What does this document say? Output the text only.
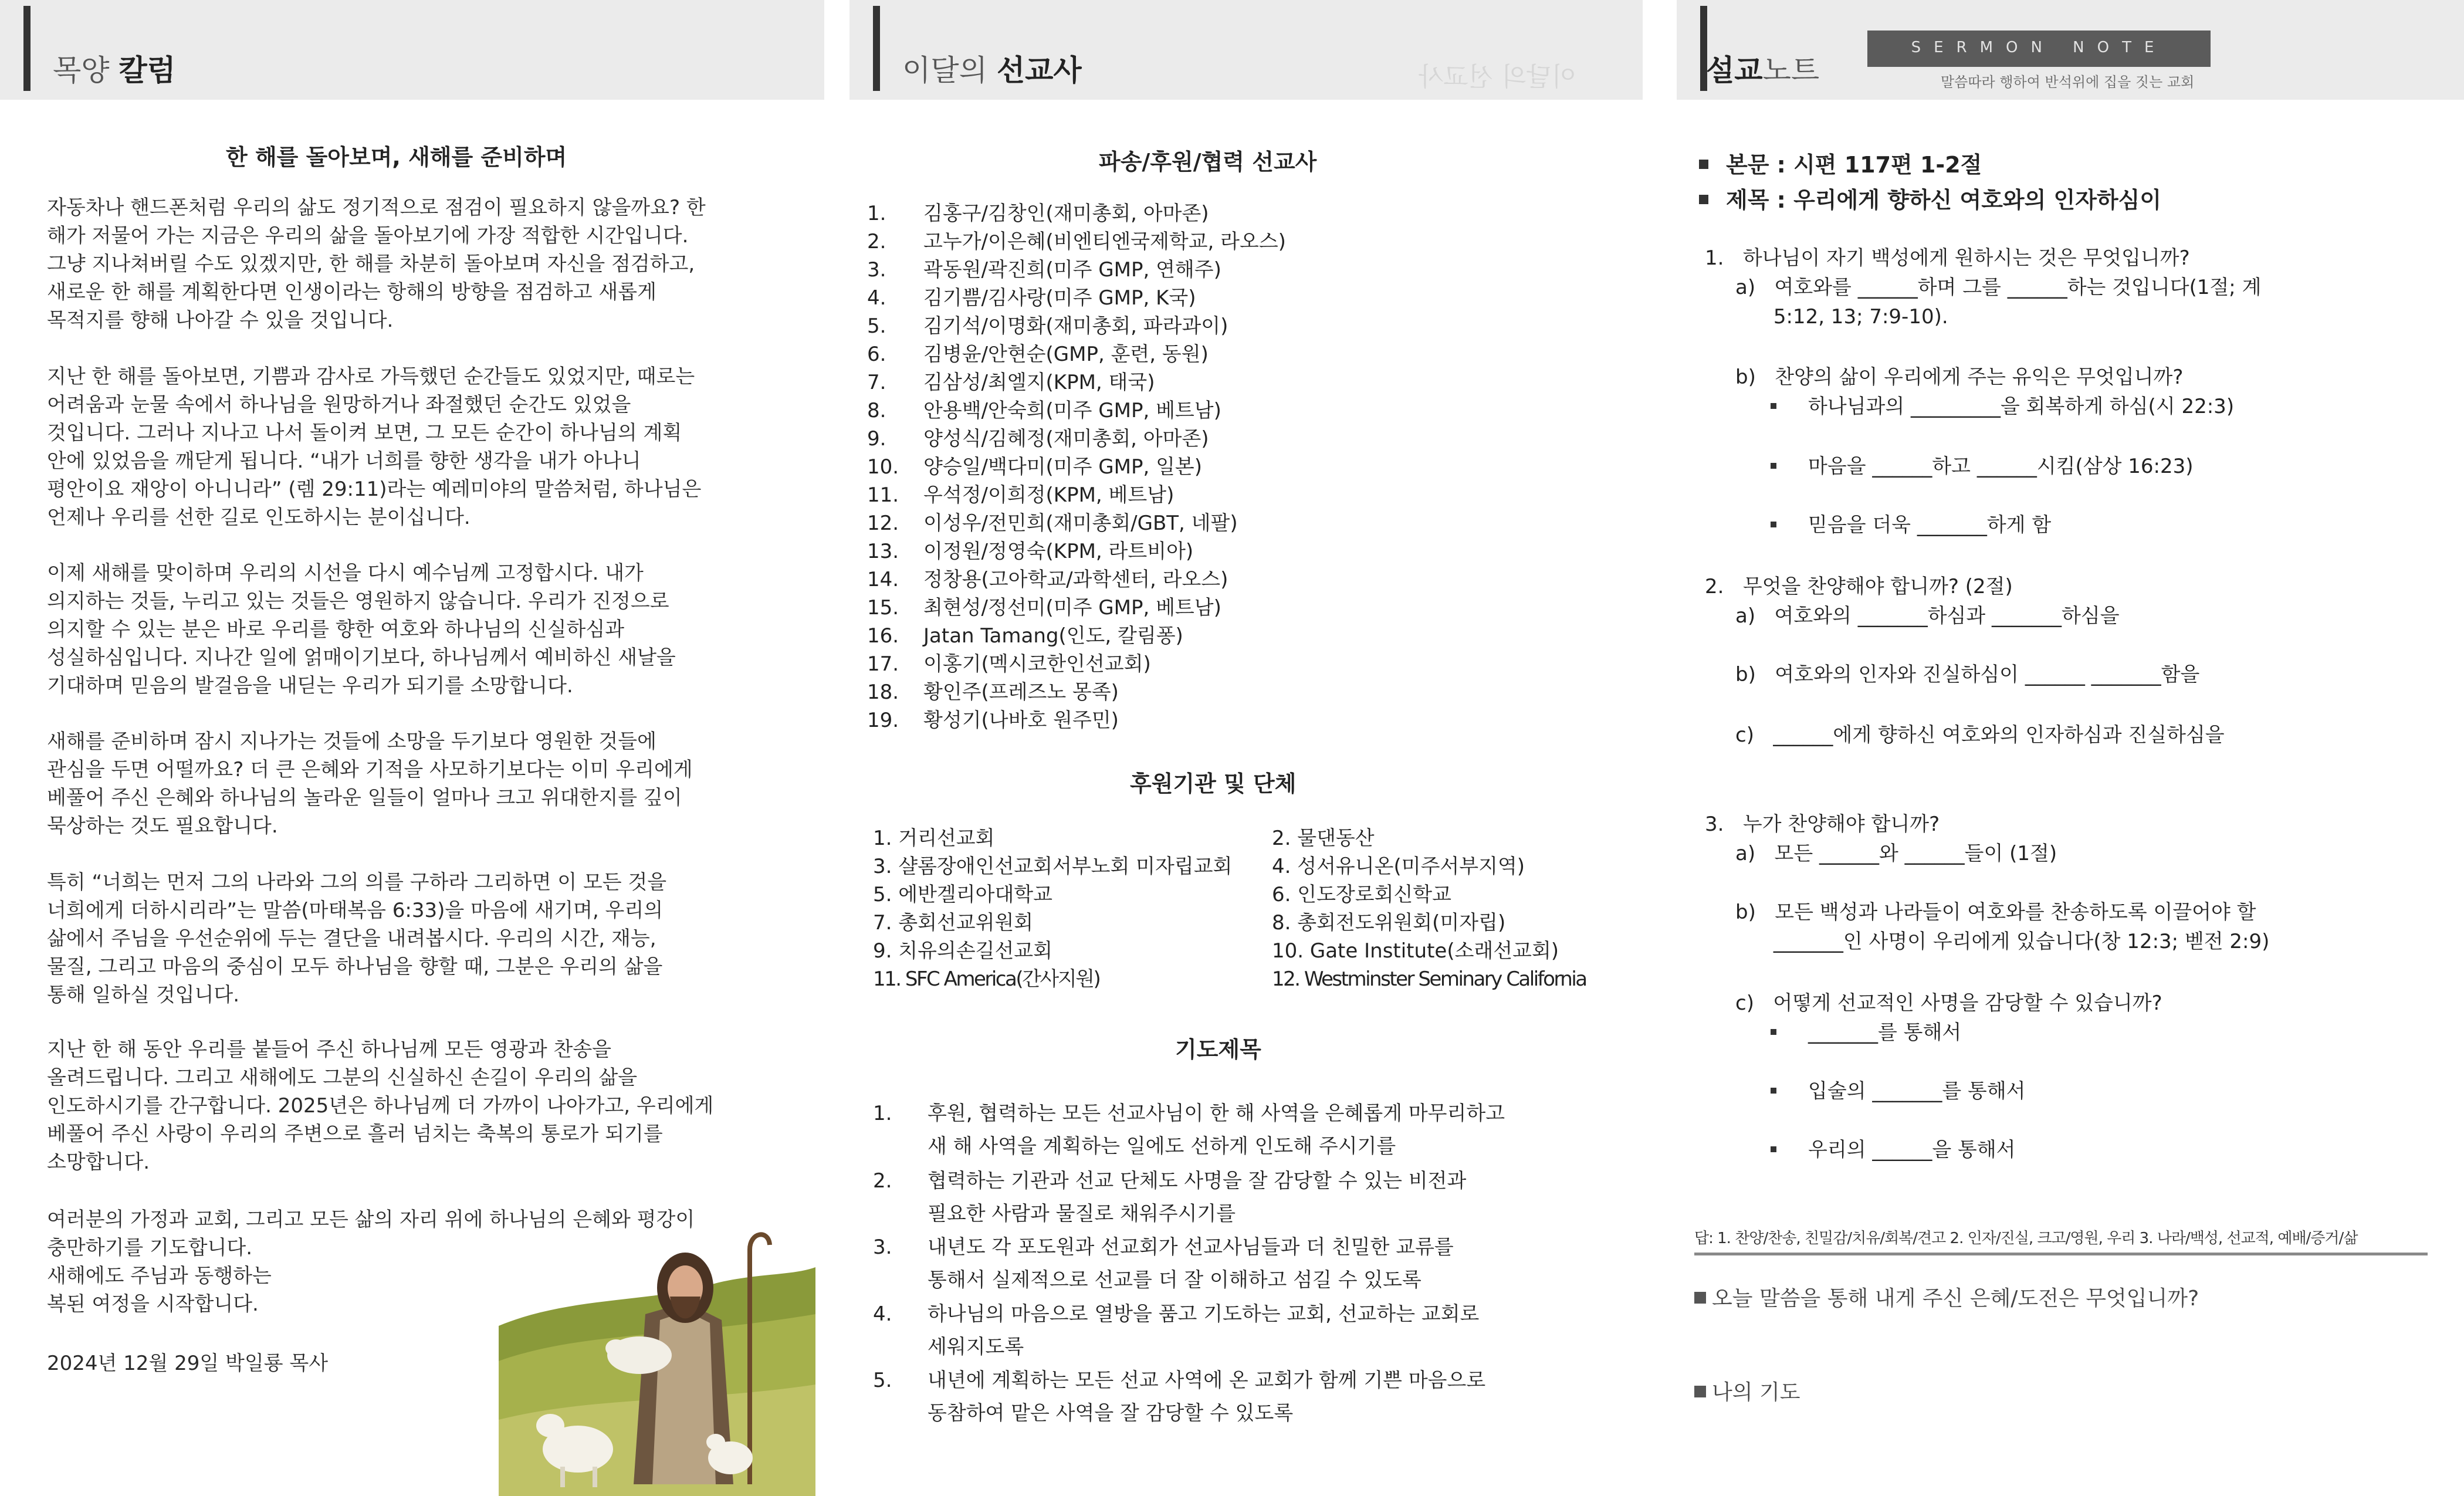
목양 칼럼
한 해를 돌아보며, 새해를 준비하며

자동차나 핸드폰처럼 우리의 삶도 정기적으로 점검이 필요하지 않을까요? 한
해가 저물어 가는 지금은 우리의 삶을 돌아보기에 가장 적합한 시간입니다.
그냥 지나쳐버릴 수도 있겠지만, 한 해를 차분히 돌아보며 자신을 점검하고,
새로운 한 해를 계획한다면 인생이라는 항해의 방향을 점검하고 새롭게
목적지를 향해 나아갈 수 있을 것입니다.

지난 한 해를 돌아보면, 기쁨과 감사로 가득했던 순간들도 있었지만, 때로는
어려움과 눈물 속에서 하나님을 원망하거나 좌절했던 순간도 있었을
것입니다. 그러나 지나고 나서 돌이켜 보면, 그 모든 순간이 하나님의 계획
안에 있었음을 깨닫게 됩니다. “내가 너희를 향한 생각을 내가 아나니
평안이요 재앙이 아니니라” (렘 29:11)라는 예레미야의 말씀처럼, 하나님은
언제나 우리를 선한 길로 인도하시는 분이십니다.

이제 새해를 맞이하며 우리의 시선을 다시 예수님께 고정합시다. 내가
의지하는 것들, 누리고 있는 것들은 영원하지 않습니다. 우리가 진정으로
의지할 수 있는 분은 바로 우리를 향한 여호와 하나님의 신실하심과
성실하심입니다. 지나간 일에 얽매이기보다, 하나님께서 예비하신 새날을
기대하며 믿음의 발걸음을 내딛는 우리가 되기를 소망합니다.

새해를 준비하며 잠시 지나가는 것들에 소망을 두기보다 영원한 것들에
관심을 두면 어떨까요? 더 큰 은혜와 기적을 사모하기보다는 이미 우리에게
베풀어 주신 은혜와 하나님의 놀라운 일들이 얼마나 크고 위대한지를 깊이
묵상하는 것도 필요합니다.

특히 “너희는 먼저 그의 나라와 그의 의를 구하라 그리하면 이 모든 것을
너희에게 더하시리라”는 말씀(마태복음 6:33)을 마음에 새기며, 우리의
삶에서 주님을 우선순위에 두는 결단을 내려봅시다. 우리의 시간, 재능,
물질, 그리고 마음의 중심이 모두 하나님을 향할 때, 그분은 우리의 삶을
통해 일하실 것입니다.

지난 한 해 동안 우리를 붙들어 주신 하나님께 모든 영광과 찬송을
올려드립니다. 그리고 새해에도 그분의 신실하신 손길이 우리의 삶을
인도하시기를 간구합니다. 2025년은 하나님께 더 가까이 나아가고, 우리에게
베풀어 주신 사랑이 우리의 주변으로 흘러 넘치는 축복의 통로가 되기를
소망합니다.

여러분의 가정과 교회, 그리고 모든 삶의 자리 위에 하나님의 은혜와 평강이
충만하기를 기도합니다.
새해에도 주님과 동행하는
복된 여정을 시작합니다.

2024년 12월 29일 박일룡 목사
이달의 선교사	이달의 선교사
파송/후원/협력 선교사
1. 김홍구/김창인(재미총회, 아마존)
2. 고누가/이은혜(비엔티엔국제학교, 라오스)
3. 곽동원/곽진희(미주 GMP, 연해주)
4. 김기쁨/김사랑(미주 GMP, K국)
5. 김기석/이명화(재미총회, 파라과이)
6. 김병윤/안현순(GMP, 훈련, 동원)
7. 김삼성/최엘지(KPM, 태국)
8. 안용백/안숙희(미주 GMP, 베트남)
9. 양성식/김혜정(재미총회, 아마존)
10. 양승일/백다미(미주 GMP, 일본)
11. 우석정/이희정(KPM, 베트남)
12. 이성우/전민희(재미총회/GBT, 네팔)
13. 이정원/정영숙(KPM, 라트비아)
14. 정창용(고아학교/과학센터, 라오스)
15. 최현성/정선미(미주 GMP, 베트남)
16. Jatan Tamang(인도, 칼림퐁)
17. 이홍기(멕시코한인선교회)
18. 황인주(프레즈노 몽족)
19. 황성기(나바호 원주민)
후원기관 및 단체
1. 거리선교회	2. 물댄동산
3. 샬롬장애인선교회서부노회 미자립교회 4. 성서유니온(미주서부지역)
5. 에반겔리아대학교	6. 인도장로회신학교
7. 총회선교위원회	8. 총회전도위원회(미자립)
9. 치유의손길선교회	10. Gate Institute(소래선교회)
11. SFC America(간사지원)	12. Westminster Seminary California
기도제목
1. 후원, 협력하는 모든 선교사님이 한 해 사역을 은혜롭게 마무리하고
새 해 사역을 계획하는 일에도 선하게 인도해 주시기를

2. 협력하는 기관과 선교 단체도 사명을 잘 감당할 수 있는 비전과
필요한 사람과 물질로 채워주시기를

3. 내년도 각 포도원과 선교회가 선교사님들과 더 친밀한 교류를
통해서 실제적으로 선교를 더 잘 이해하고 섬길 수 있도록

4. 하나님의 마음으로 열방을 품고 기도하는 교회, 선교하는 교회로
세워지도록

5. 내년에 계획하는 모든 선교 사역에 온 교회가 함께 기쁜 마음으로
동참하여 맡은 사역을 잘 감당할 수 있도록

설교노트
SERMON NOTE
말씀따라 행하여 반석위에 집을 짓는 교회
본문 : 시편 117편 1-2절
제목 : 우리에게 향하신 여호와의 인자하심이
1.   하나님이 자기 백성에게 원하시는 것은 무엇입니까?
a)   여호와를 ______하며 그를 ______하는 것입니다(1절; 계
5:12, 13; 7:9-10).
b)   찬양의 삶이 우리에게 주는 유익은 무엇입니까?
하나님과의 _________을 회복하게 하심(시 22:3)
마음을 ______하고 ______시킴(삼상 16:23)
믿음을 더욱 _______하게 함
2.   무엇을 찬양해야 합니까? (2절)
a)   여호와의 _______하심과 _______하심을
b)   여호와의 인자와 진실하심이 ______ _______함을
c)   ______에게 향하신 여호와의 인자하심과 진실하심을
3.   누가 찬양해야 합니까?
a)   모든 ______와 ______들이 (1절)
b)   모든 백성과 나라들이 여호와를 찬송하도록 이끌어야 할
_______인 사명이 우리에게 있습니다(창 12:3; 벧전 2:9)
c)   어떻게 선교적인 사명을 감당할 수 있습니까?
_______를 통해서
입술의 _______를 통해서
우리의 ______을 통해서
답: 1. 찬양/찬송, 친밀감/치유/회복/견고 2. 인자/진실, 크고/영원, 우리 3. 나라/백성, 선교적, 예배/증거/삶
오늘 말씀을 통해 내게 주신 은혜/도전은 무엇입니까?
나의 기도
